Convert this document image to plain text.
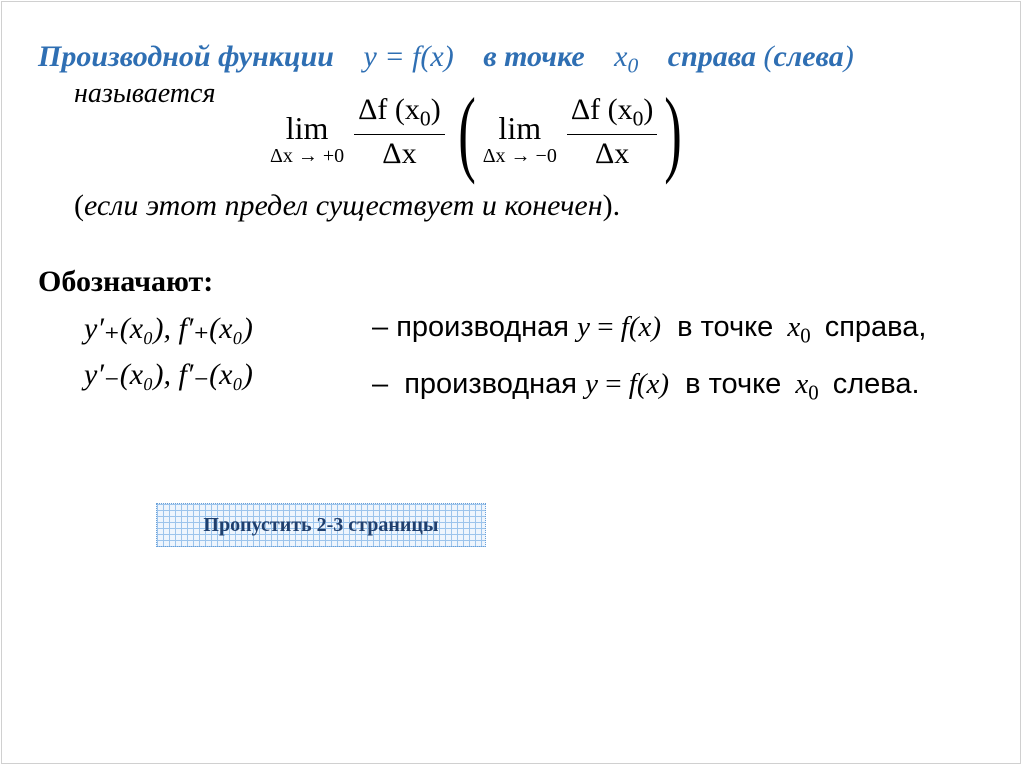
Производной функции y = f(x) в точке $x_0$ справа (слева)
называется
lim
$\Delta x \to +0 \frac{\Delta f (x_0)}{\Delta x}$ ( lim
$\Delta x \to -0 \frac{\Delta f (x_0)}{\Delta x}$ )
(если этот предел существует и конечен).
Обозначают:
y′₊(x₀), f′₊(x₀)	– производная y = f(x) в точке $x_0$ справа,
y′₋(x₀), f′₋(x₀)	– производная y = f(x) в точке $x_0$ слева.
Пропустить 2-3 страницы
